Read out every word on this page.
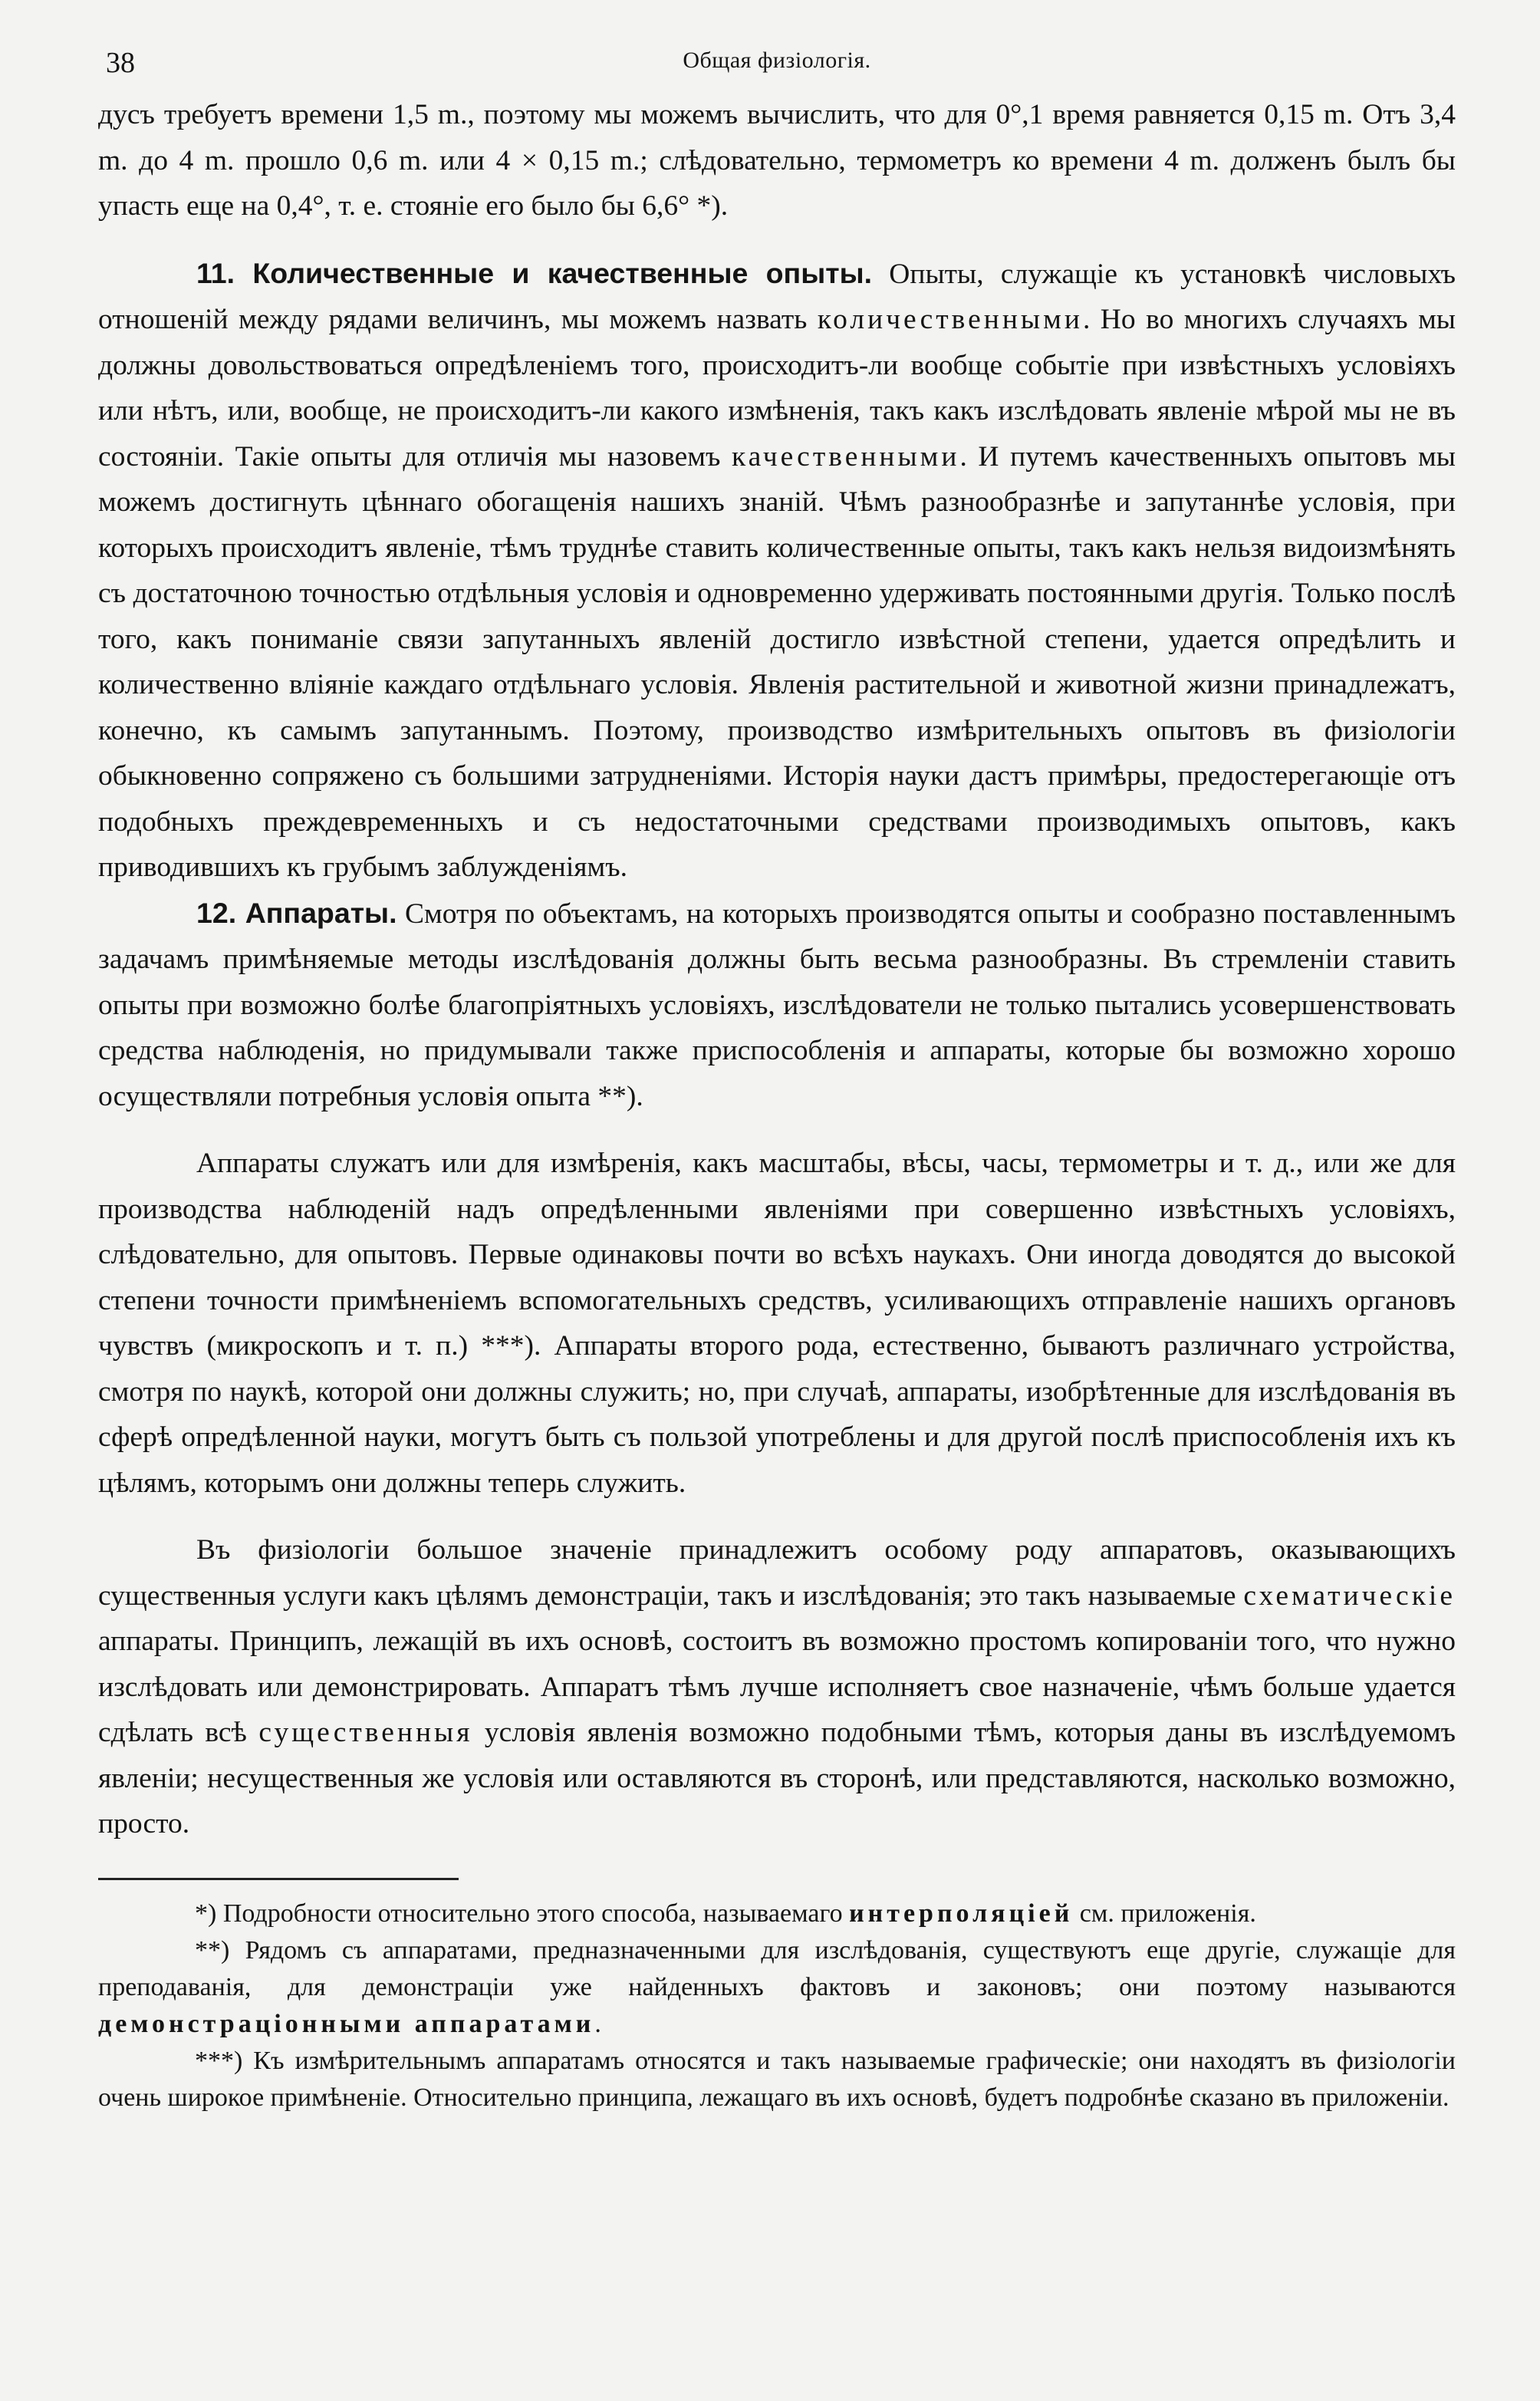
38	Общая физіологія.

дусъ требуетъ времени 1,5 m., поэтому мы можемъ вычислить, что для 0°,1 время равняется 0,15 m. Отъ 3,4 m. до 4 m. прошло 0,6 m. или 4 × 0,15 m.; слѣдовательно, термометръ ко времени 4 m. долженъ былъ бы упасть еще на 0,4°, т. е. стояніе его было бы 6,6° *).

11. Количественные и качественные опыты. Опыты, служащіе къ установкѣ числовыхъ отношеній между рядами величинъ, мы можемъ назвать количественными. Но во многихъ случаяхъ мы должны довольствоваться опредѣленіемъ того, происходитъ-ли вообще событіе при извѣстныхъ условіяхъ или нѣтъ, или, вообще, не происходитъ-ли какого измѣненія, такъ какъ изслѣдовать явленіе мѣрой мы не въ состояніи. Такіе опыты для отличія мы назовемъ качественными. И путемъ качественныхъ опытовъ мы можемъ достигнуть цѣннаго обогащенія нашихъ знаній. Чѣмъ разнообразнѣе и запутаннѣе условія, при которыхъ происходитъ явленіе, тѣмъ труднѣе ставить количественные опыты, такъ какъ нельзя видоизмѣнять съ достаточною точностью отдѣльныя условія и одновременно удерживать постоянными другія. Только послѣ того, какъ пониманіе связи запутанныхъ явленій достигло извѣстной степени, удается опредѣлить и количественно вліяніе каждаго отдѣльнаго условія. Явленія растительной и животной жизни принадлежатъ, конечно, къ самымъ запутаннымъ. Поэтому, производство измѣрительныхъ опытовъ въ физіологіи обыкновенно сопряжено съ большими затрудненіями. Исторія науки дастъ примѣры, предостерегающіе отъ подобныхъ преждевременныхъ и съ недостаточными средствами производимыхъ опытовъ, какъ приводившихъ къ грубымъ заблужденіямъ.

12. Аппараты. Смотря по объектамъ, на которыхъ производятся опыты и сообразно поставленнымъ задачамъ примѣняемые методы изслѣдованія должны быть весьма разнообразны. Въ стремленіи ставить опыты при возможно болѣе благопріятныхъ условіяхъ, изслѣдователи не только пытались усовершенствовать средства наблюденія, но придумывали также приспособленія и аппараты, которые бы возможно хорошо осуществляли потребныя условія опыта **).

Аппараты служатъ или для измѣренія, какъ масштабы, вѣсы, часы, термометры и т. д., или же для производства наблюденій надъ опредѣленными явленіями при совершенно извѣстныхъ условіяхъ, слѣдовательно, для опытовъ. Первые одинаковы почти во всѣхъ наукахъ. Они иногда доводятся до высокой степени точности примѣненіемъ вспомогательныхъ средствъ, усиливающихъ отправленіе нашихъ органовъ чувствъ (микроскопъ и т. п.) ***). Аппараты второго рода, естественно, бываютъ различнаго устройства, смотря по наукѣ, которой они должны служить; но, при случаѣ, аппараты, изобрѣтенные для изслѣдованія въ сферѣ опредѣленной науки, могутъ быть съ пользой употреблены и для другой послѣ приспособленія ихъ къ цѣлямъ, которымъ они должны теперь служить.

Въ физіологіи большое значеніе принадлежитъ особому роду аппаратовъ, оказывающихъ существенныя услуги какъ цѣлямъ демонстраціи, такъ и изслѣдованія; это такъ называемые схематическіе аппараты. Принципъ, лежащій въ ихъ основѣ, состоитъ въ возможно простомъ копированіи того, что нужно изслѣдовать или демонстрировать. Аппаратъ тѣмъ лучше исполняетъ свое назначеніе, чѣмъ больше удается сдѣлать всѣ существенныя условія явленія возможно подобными тѣмъ, которыя даны въ изслѣдуемомъ явленіи; несущественныя же условія или оставляются въ сторонѣ, или представляются, насколько возможно, просто.

*) Подробности относительно этого способа, называемаго интерполяціей см. приложенія.

**) Рядомъ съ аппаратами, предназначенными для изслѣдованія, существуютъ еще другіе, служащіе для преподаванія, для демонстраціи уже найденныхъ фактовъ и законовъ; они поэтому называются демонстраціонными аппаратами.

***) Къ измѣрительнымъ аппаратамъ относятся и такъ называемые графическіе; они находятъ въ физіологіи очень широкое примѣненіе. Относительно принципа, лежащаго въ ихъ основѣ, будетъ подробнѣе сказано въ приложеніи.
